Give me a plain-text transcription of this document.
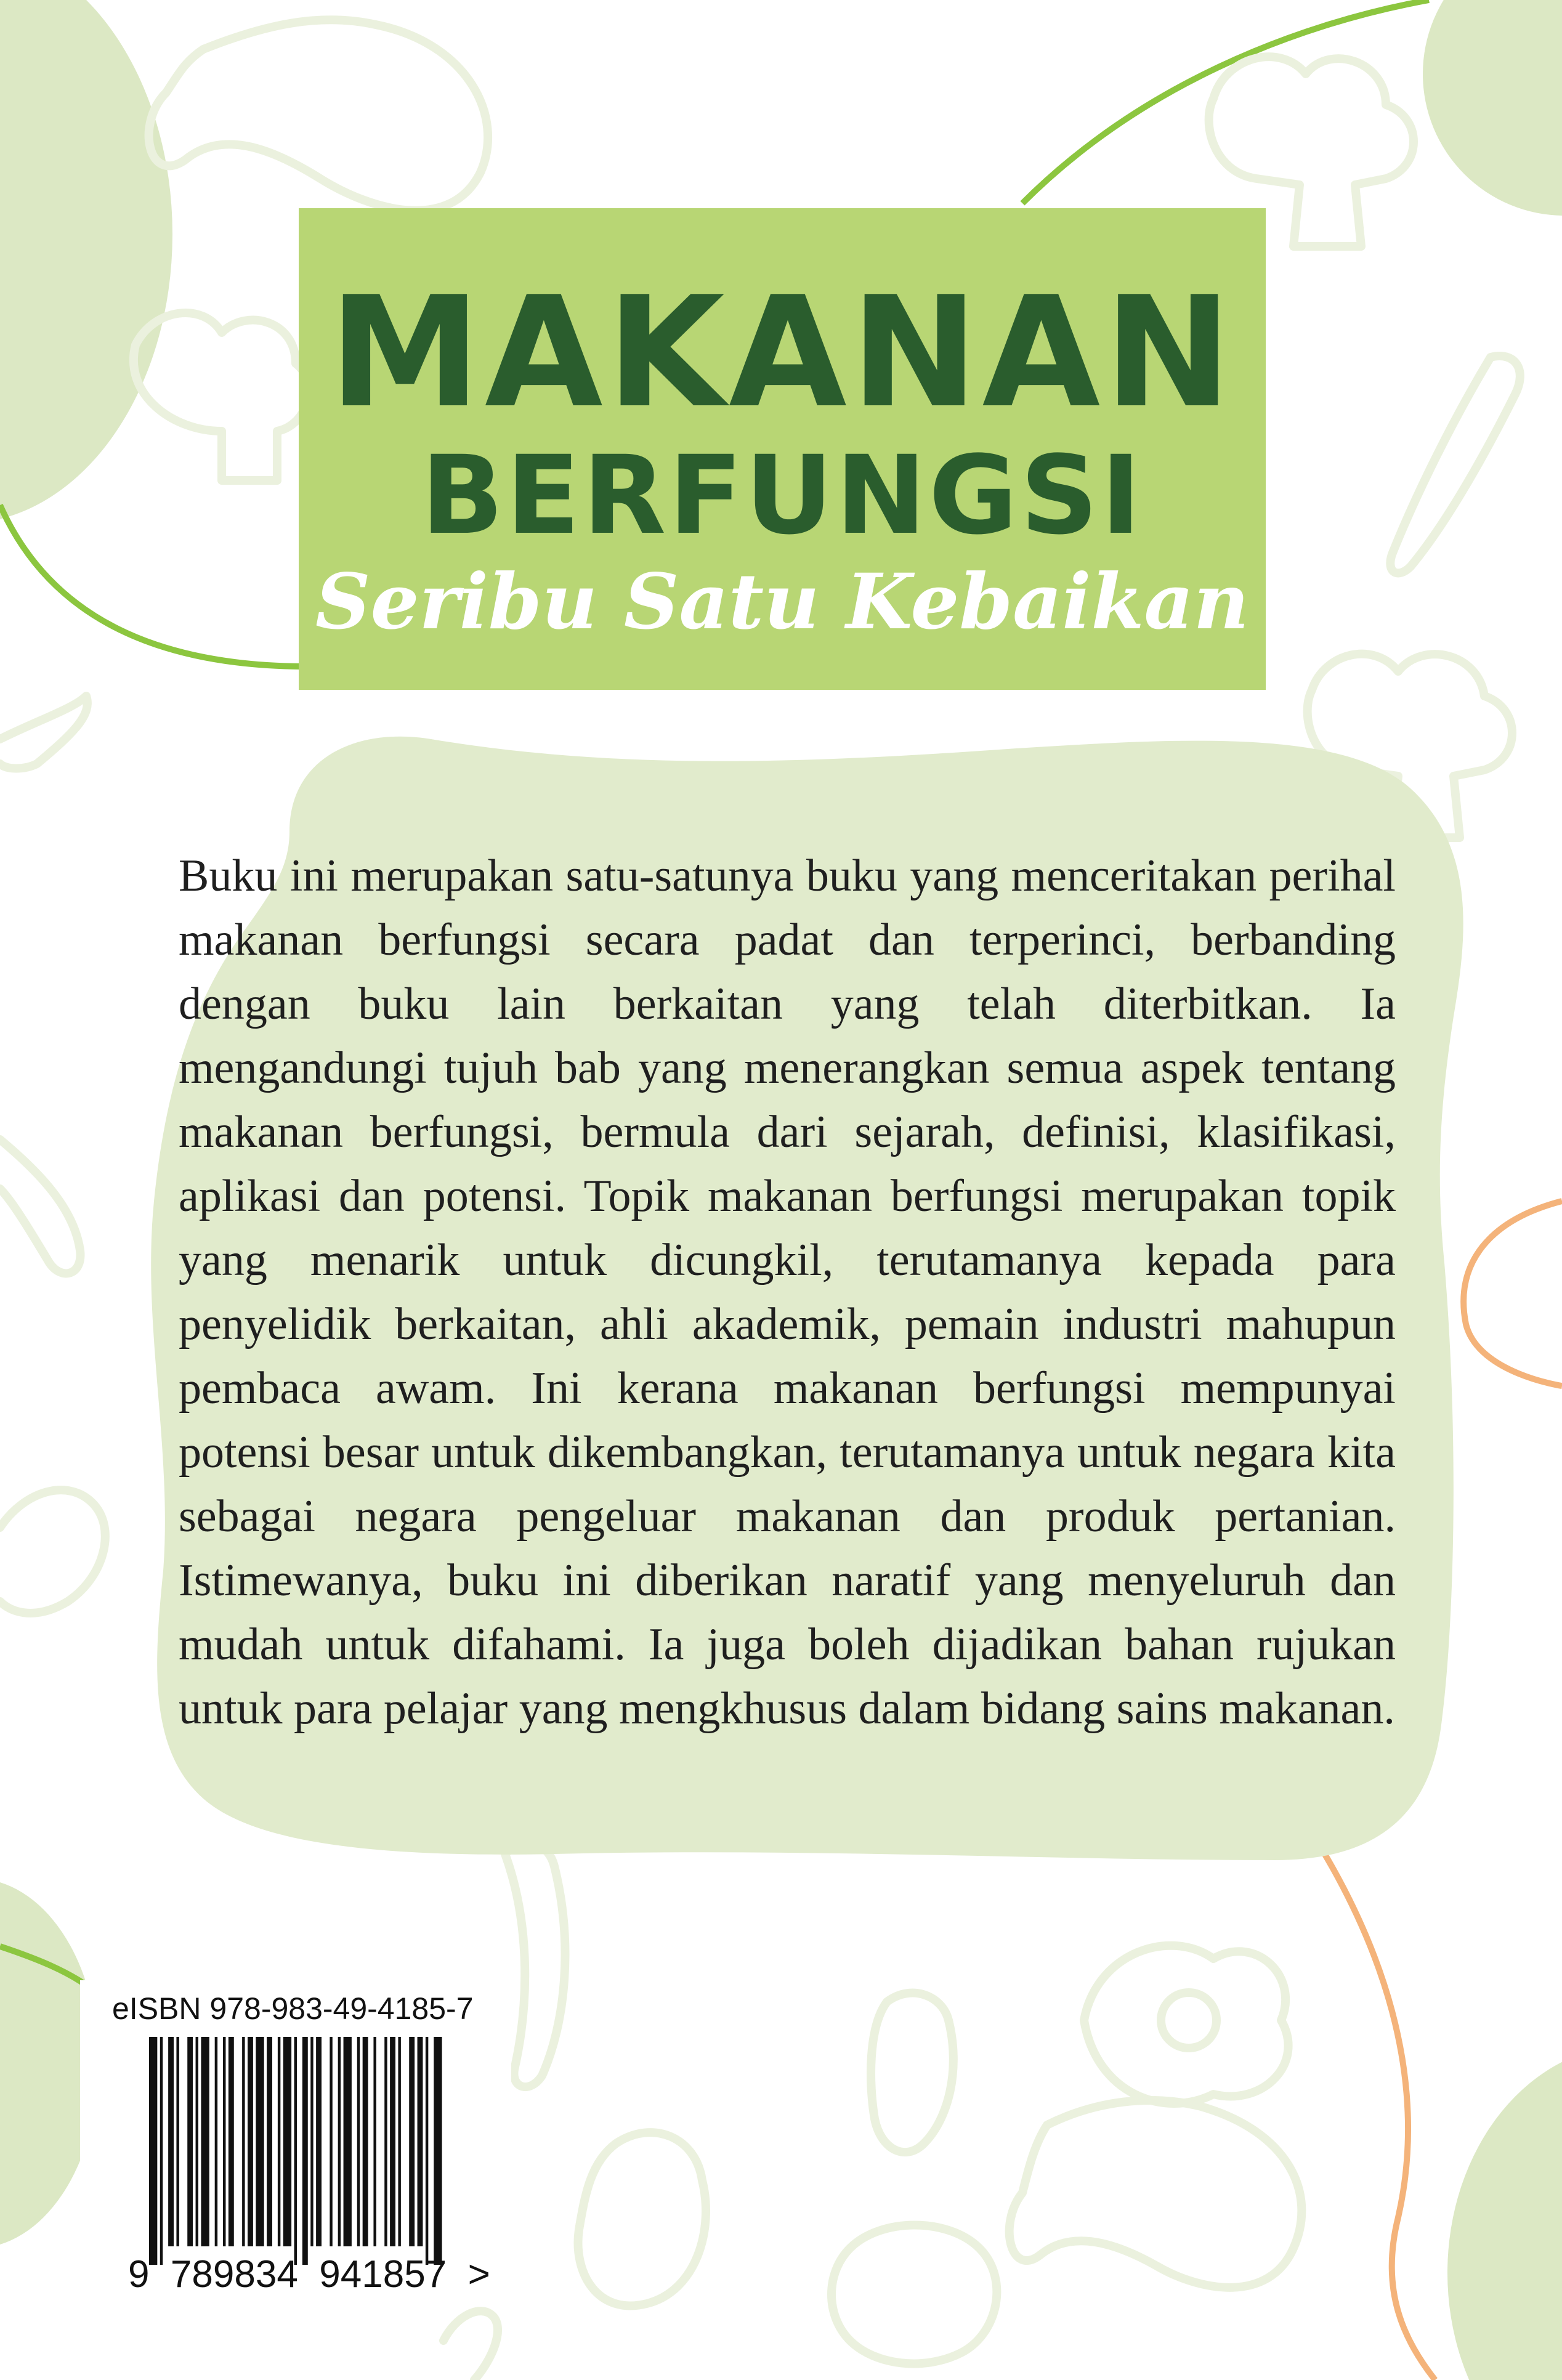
MAKANAN
BERFUNGSI
Seribu Satu Kebaikan

Buku ini merupakan satu-satunya buku yang menceritakan perihal makanan berfungsi secara padat dan terperinci, berbanding dengan buku lain berkaitan yang telah diterbitkan. Ia mengandungi tujuh bab yang menerangkan semua aspek tentang makanan berfungsi, bermula dari sejarah, definisi, klasifikasi, aplikasi dan potensi. Topik makanan berfungsi merupakan topik yang menarik untuk dicungkil, terutamanya kepada para penyelidik berkaitan, ahli akademik, pemain industri mahupun pembaca awam. Ini kerana makanan berfungsi mempunyai potensi besar untuk dikembangkan, terutamanya untuk negara kita sebagai negara pengeluar makanan dan produk pertanian. Istimewanya, buku ini diberikan naratif yang menyeluruh dan mudah untuk difahami. Ia juga boleh dijadikan bahan rujukan untuk para pelajar yang mengkhusus dalam bidang sains makanan.

eISBN 978-983-49-4185-7
9  789834  941857  >
